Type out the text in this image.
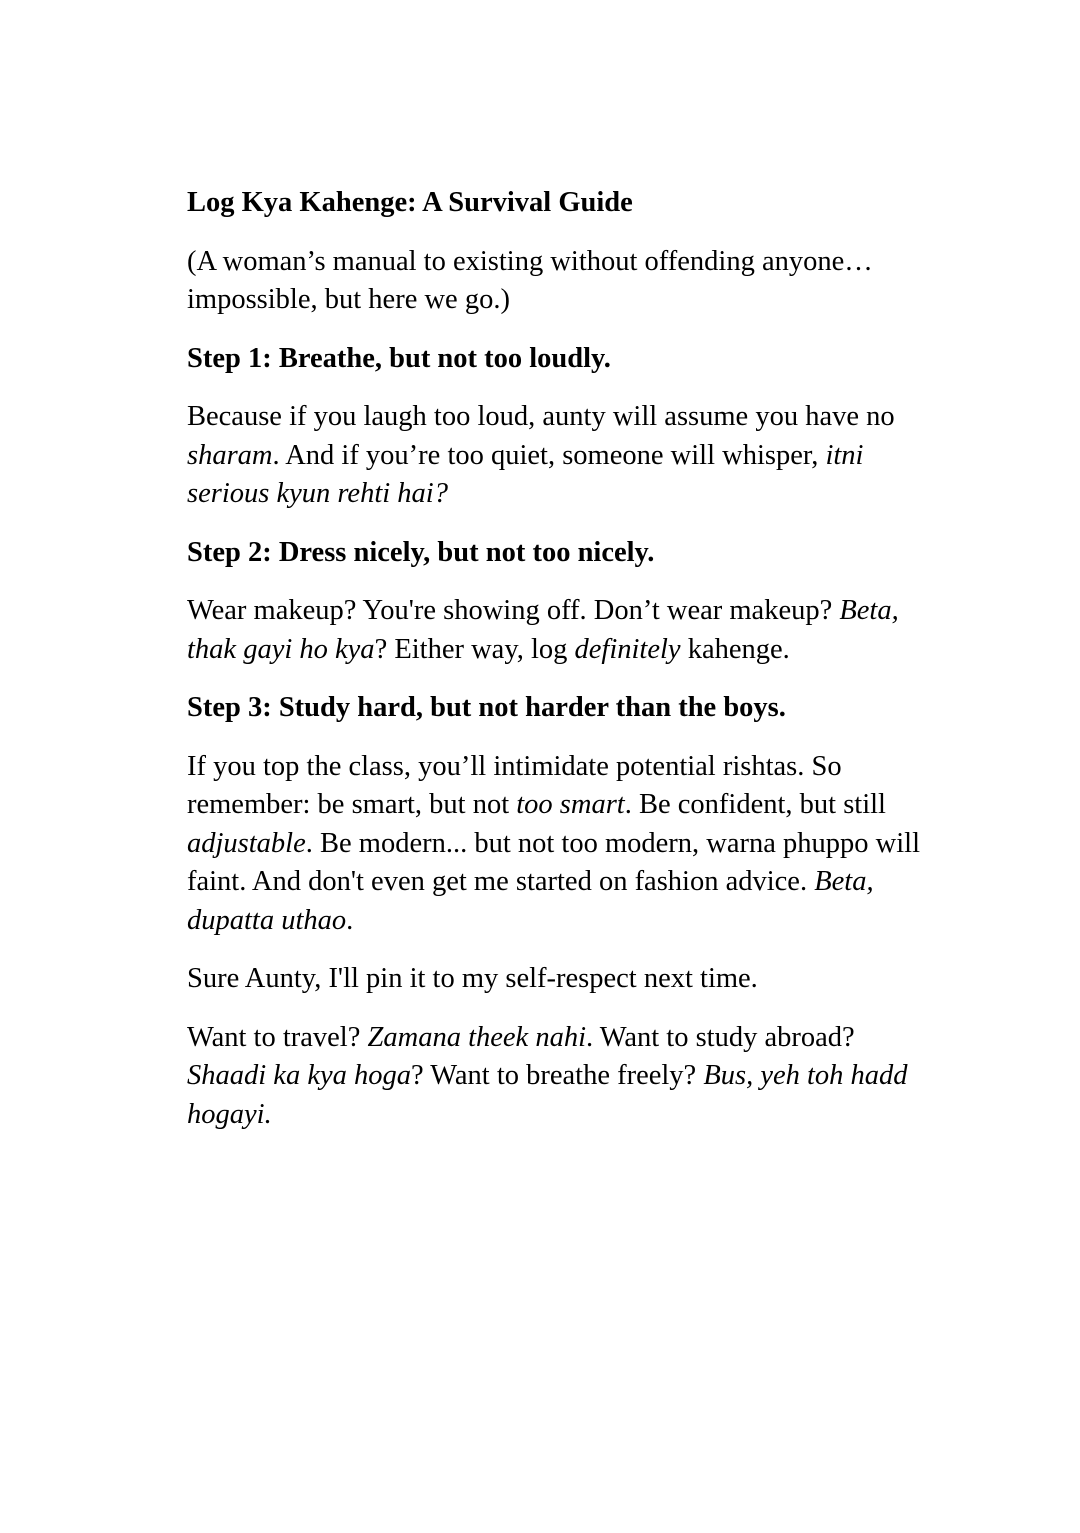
Log Kya Kahenge: A Survival Guide

(A woman’s manual to existing without offending anyone… impossible, but here we go.)

Step 1: Breathe, but not too loudly.

Because if you laugh too loud, aunty will assume you have no sharam. And if you’re too quiet, someone will whisper, itni serious kyun rehti hai?

Step 2: Dress nicely, but not too nicely.

Wear makeup? You're showing off. Don’t wear makeup? Beta, thak gayi ho kya? Either way, log definitely kahenge.

Step 3: Study hard, but not harder than the boys.

If you top the class, you’ll intimidate potential rishtas. So remember: be smart, but not too smart. Be confident, but still adjustable. Be modern... but not too modern, warna phuppo will faint. And don't even get me started on fashion advice. Beta, dupatta uthao.

Sure Aunty, I'll pin it to my self-respect next time.

Want to travel? Zamana theek nahi. Want to study abroad? Shaadi ka kya hoga? Want to breathe freely? Bus, yeh toh hadd hogayi.
